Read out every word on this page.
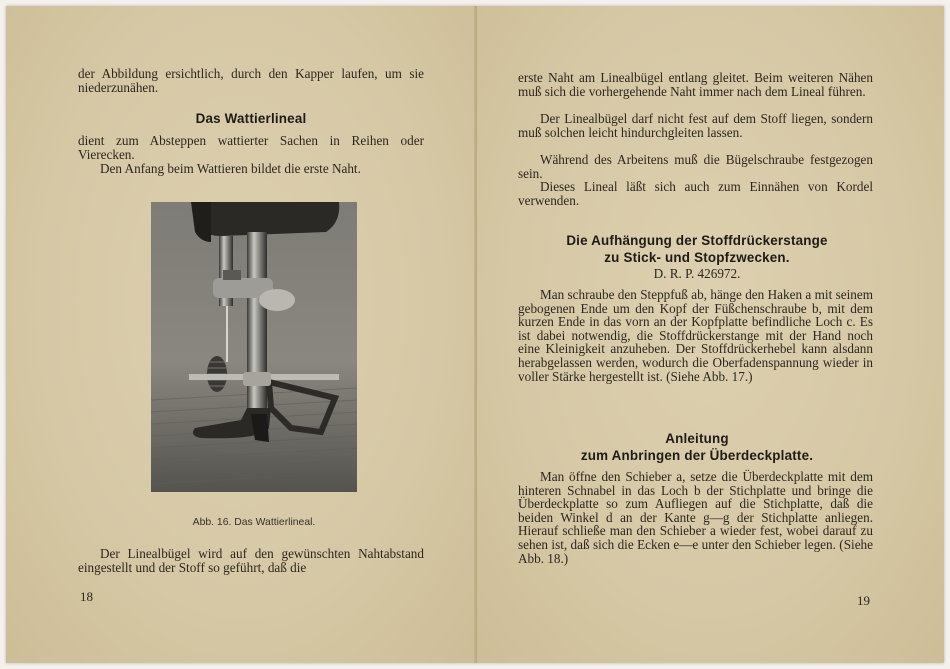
der Abbildung ersichtlich, durch den Kapper laufen, um sie niederzunähen.

Das Wattierlineal

dient zum Absteppen wattierter Sachen in Reihen oder Vierecken.

Den Anfang beim Wattieren bildet die erste Naht.

Abb. 16. Das Wattierlineal.

Der Linealbügel wird auf den gewünschten Nahtabstand eingestellt und der Stoff so geführt, daß die

18

erste Naht am Linealbügel entlang gleitet. Beim weiteren Nähen muß sich die vorhergehende Naht immer nach dem Lineal führen.

Der Linealbügel darf nicht fest auf dem Stoff liegen, sondern muß solchen leicht hindurchgleiten lassen.

Während des Arbeitens muß die Bügelschraube festgezogen sein.

Dieses Lineal läßt sich auch zum Einnähen von Kordel verwenden.

Die Aufhängung der Stoffdrückerstange

zu Stick- und Stopfzwecken.

D. R. P. 426972.

Man schraube den Steppfuß ab, hänge den Haken a mit seinem gebogenen Ende um den Kopf der Füßchenschraube b, mit dem kurzen Ende in das vorn an der Kopfplatte befindliche Loch c. Es ist dabei notwendig, die Stoffdrückerstange mit der Hand noch eine Kleinigkeit anzuheben. Der Stoffdrückerhebel kann alsdann herabgelassen werden, wodurch die Oberfadenspannung wieder in voller Stärke hergestellt ist. (Siehe Abb. 17.)

Anleitung

zum Anbringen der Überdeckplatte.

Man öffne den Schieber a, setze die Überdeckplatte mit dem hinteren Schnabel in das Loch b der Stichplatte und bringe die Überdeckplatte so zum Aufliegen auf die Stichplatte, daß die beiden Winkel d an der Kante g—g der Stichplatte anliegen. Hierauf schließe man den Schieber a wieder fest, wobei darauf zu sehen ist, daß sich die Ecken e—e unter den Schieber legen. (Siehe Abb. 18.)

19
